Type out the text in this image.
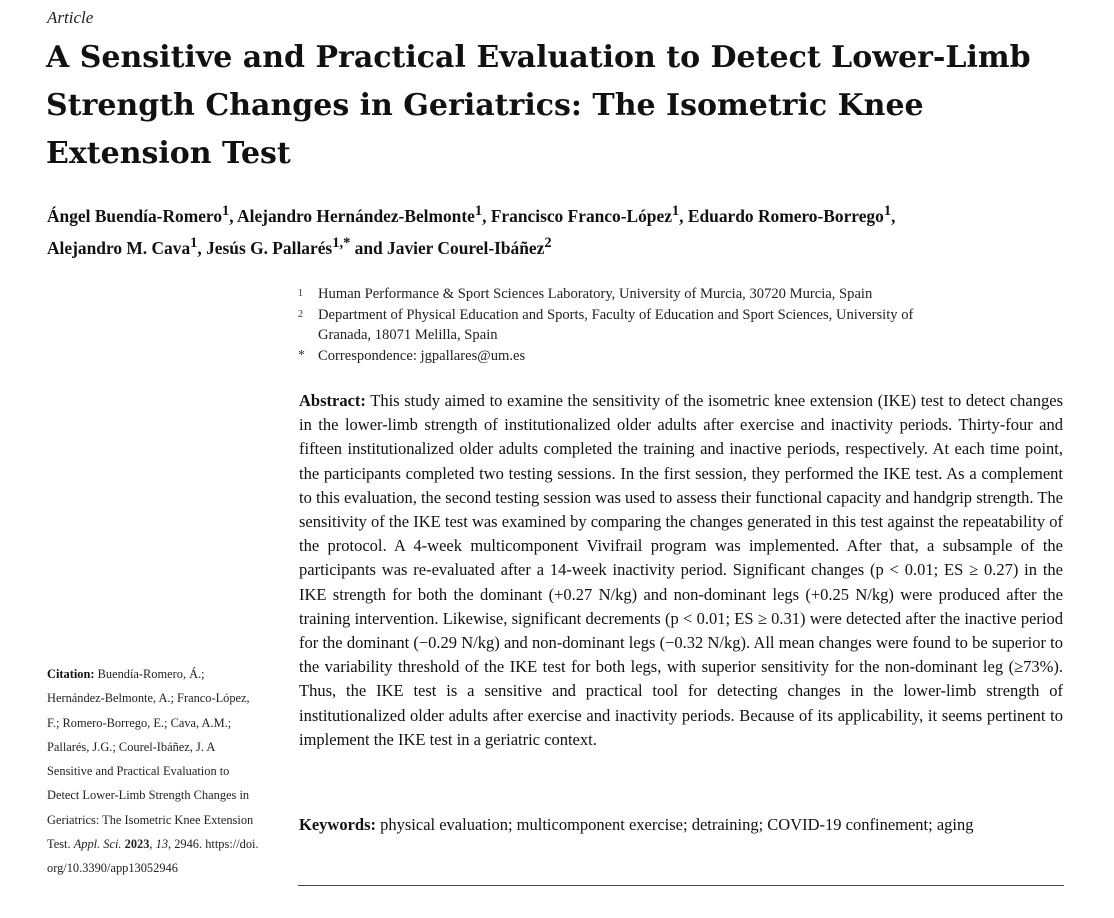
Article
A Sensitive and Practical Evaluation to Detect Lower-Limb Strength Changes in Geriatrics: The Isometric Knee Extension Test
Ángel Buendía-Romero$^1$, Alejandro Hernández-Belmonte$^1$, Francisco Franco-López$^1$, Eduardo Romero-Borrego$^1$,
Alejandro M. Cava$^1$, Jesús G. Pallarés$^{1,*}$ and Javier Courel-Ibáñez$^2$
1 Human Performance & Sport Sciences Laboratory, University of Murcia, 30720 Murcia, Spain
2 Department of Physical Education and Sports, Faculty of Education and Sport Sciences, University of Granada, 18071 Melilla, Spain
* Correspondence: jgpallares@um.es
Abstract: This study aimed to examine the sensitivity of the isometric knee extension (IKE) test to detect changes in the lower-limb strength of institutionalized older adults after exercise and inactivity periods. Thirty-four and fifteen institutionalized older adults completed the training and inactive periods, respectively. At each time point, the participants completed two testing sessions. In the first session, they performed the IKE test. As a complement to this evaluation, the second testing session was used to assess their functional capacity and handgrip strength. The sensitivity of the IKE test was examined by comparing the changes generated in this test against the repeatability of the protocol. A 4-week multicomponent Vivifrail program was implemented. After that, a subsample of the participants was re-evaluated after a 14-week inactivity period. Significant changes (p < 0.01; ES ≥ 0.27) in the IKE strength for both the dominant (+0.27 N/kg) and non-dominant legs (+0.25 N/kg) were produced after the training intervention. Likewise, significant decrements (p < 0.01; ES ≥ 0.31) were detected after the inactive period for the dominant (−0.29 N/kg) and non-dominant legs (−0.32 N/kg). All mean changes were found to be superior to the variability threshold of the IKE test for both legs, with superior sensitivity for the non-dominant leg (≥73%). Thus, the IKE test is a sensitive and practical tool for detecting changes in the lower-limb strength of institutionalized older adults after exercise and inactivity periods. Because of its applicability, it seems pertinent to implement the IKE test in a geriatric context.
Keywords: physical evaluation; multicomponent exercise; detraining; COVID-19 confinement; aging
Citation: Buendía-Romero, Á.; Hernández-Belmonte, A.; Franco-López, F.; Romero-Borrego, E.; Cava, A.M.; Pallarés, J.G.; Courel-Ibáñez, J. A Sensitive and Practical Evaluation to Detect Lower-Limb Strength Changes in Geriatrics: The Isometric Knee Extension Test. Appl. Sci. 2023, 13, 2946. https://doi.org/10.3390/app13052946
